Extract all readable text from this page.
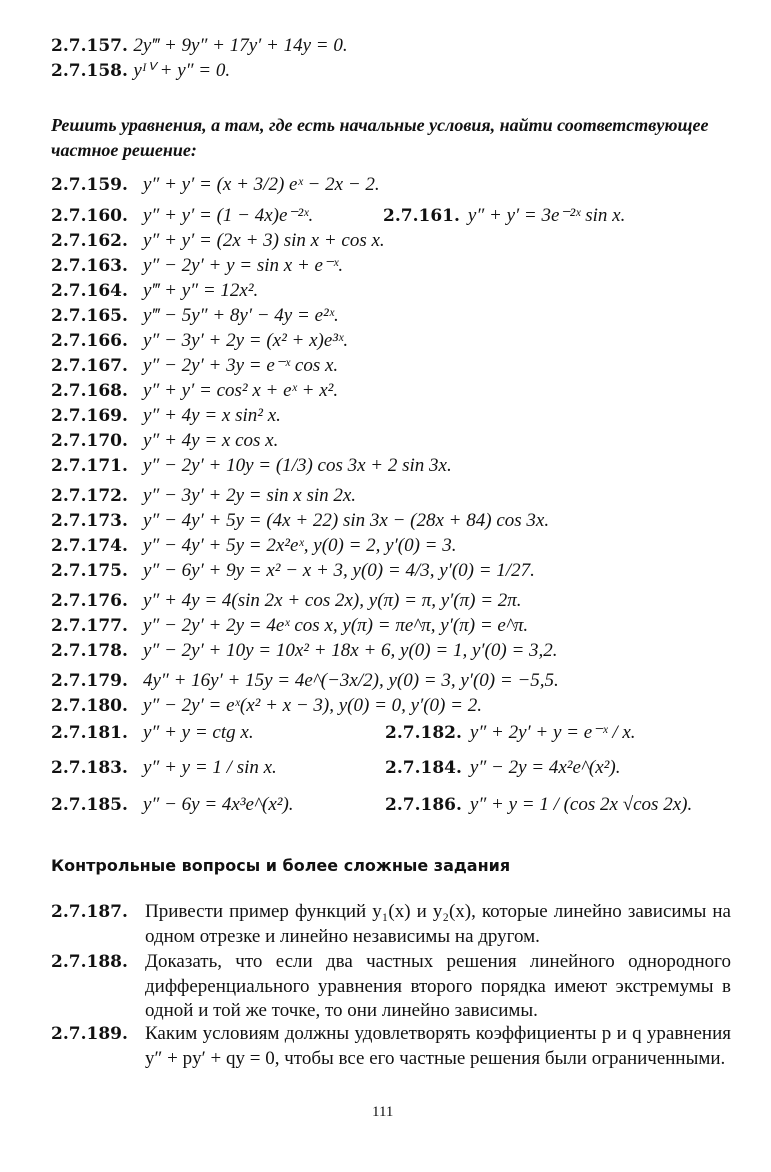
2.7.157. 2y‴ + 9y″ + 17y′ + 14y = 0.
2.7.158. yᴵⱽ + y″ = 0.
Решить уравнения, а там, где есть начальные условия, найти соответствующее частное решение:
2.7.159. y″ + y′ = (x + 3/2) eˣ − 2x − 2.
2.7.160. y″ + y′ = (1 − 4x)e⁻²ˣ.	2.7.161. y″ + y′ = 3e⁻²ˣ sin x.
2.7.162. y″ + y′ = (2x + 3) sin x + cos x.
2.7.163. y″ − 2y′ + y = sin x + e⁻ˣ.
2.7.164. y‴ + y″ = 12x².
2.7.165. y‴ − 5y″ + 8y′ − 4y = e²ˣ.
2.7.166. y″ − 3y′ + 2y = (x² + x)e³ˣ.
2.7.167. y″ − 2y′ + 3y = e⁻ˣ cos x.
2.7.168. y″ + y′ = cos² x + eˣ + x².
2.7.169. y″ + 4y = x sin² x.
2.7.170. y″ + 4y = x cos x.
2.7.171. y″ − 2y′ + 10y = (1/3) cos 3x + 2 sin 3x.
2.7.172. y″ − 3y′ + 2y = sin x sin 2x.
2.7.173. y″ − 4y′ + 5y = (4x + 22) sin 3x − (28x + 84) cos 3x.
2.7.174. y″ − 4y′ + 5y = 2x²eˣ, y(0) = 2, y′(0) = 3.
2.7.175. y″ − 6y′ + 9y = x² − x + 3, y(0) = 4/3, y′(0) = 1/27.
2.7.176. y″ + 4y = 4(sin 2x + cos 2x), y(π) = π, y′(π) = 2π.
2.7.177. y″ − 2y′ + 2y = 4eˣ cos x, y(π) = πe^π, y′(π) = e^π.
2.7.178. y″ − 2y′ + 10y = 10x² + 18x + 6, y(0) = 1, y′(0) = 3,2.
2.7.179. 4y″ + 16y′ + 15y = 4e^(−3x/2), y(0) = 3, y′(0) = −5,5.
2.7.180. y″ − 2y′ = eˣ(x² + x − 3), y(0) = 0, y′(0) = 2.
2.7.181. y″ + y = ctg x.	2.7.182. y″ + 2y′ + y = e⁻ˣ / x.
2.7.183. y″ + y = 1 / sin x.	2.7.184. y″ − 2y = 4x²e^(x²).
2.7.185. y″ − 6y = 4x³e^(x²).	2.7.186. y″ + y = 1 / (cos 2x √cos 2x).
Контрольные вопросы и более сложные задания
2.7.187. Привести пример функций y₁(x) и y₂(x), которые линейно зависимы на одном отрезке и линейно независимы на другом.
2.7.188. Доказать, что если два частных решения линейного однородного дифференциального уравнения второго порядка имеют экстремумы в одной и той же точке, то они линейно зависимы.
2.7.189. Каким условиям должны удовлетворять коэффициенты p и q уравнения y″ + py′ + qy = 0, чтобы все его частные решения были ограниченными.
111
